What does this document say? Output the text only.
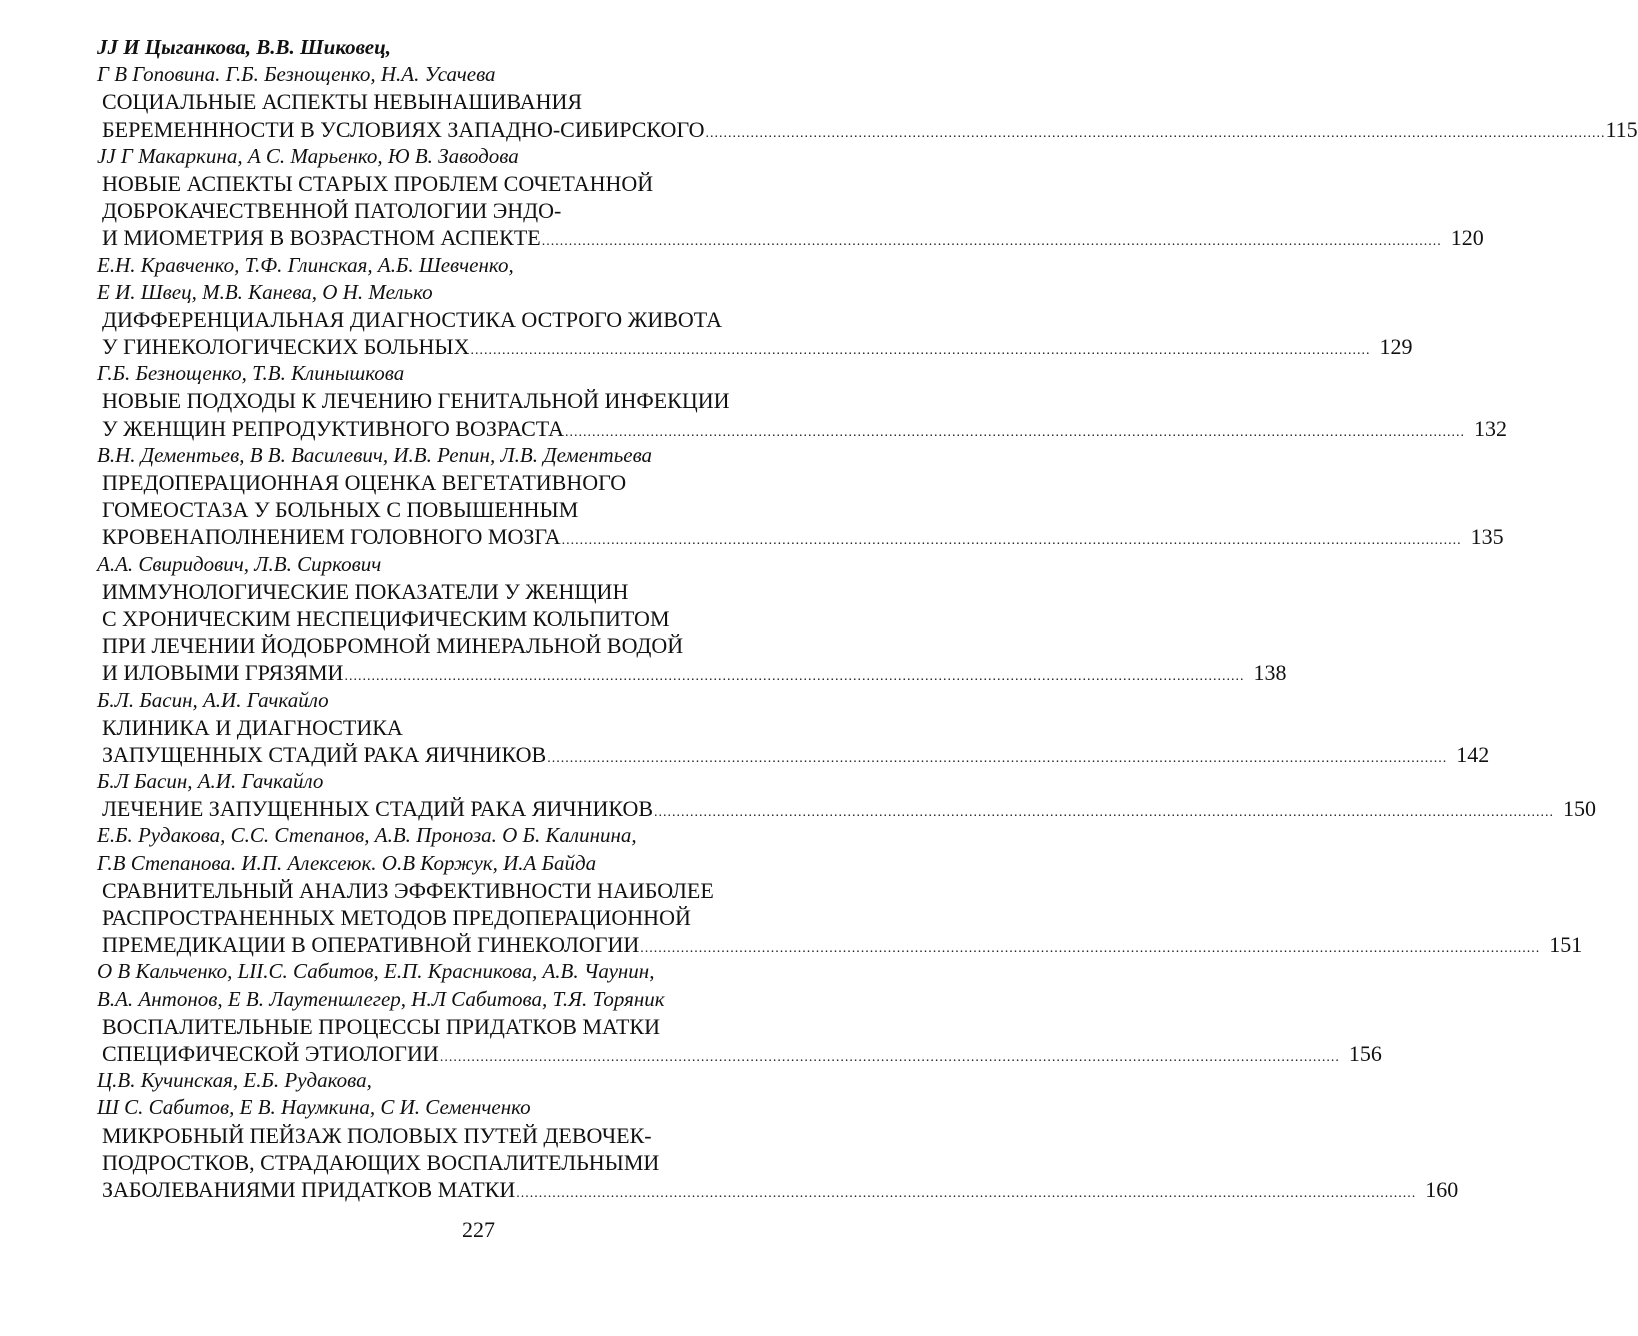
JJ И Цыганкова, В.В. Шиковец,
Г В Гоповина. Г.Б. Безнощенко, Н.А. Усачева
СОЦИАЛЬНЫЕ АСПЕКТЫ НЕВЫНАШИВАНИЯ
БЕРЕМЕНННОСТИ В УСЛОВИЯХ ЗАПАДНО-СИБИРСКОГО ........................................................................................................................................................................................................ 115
JJ Г Макаркина, А С. Марьенко, Ю В. Заводова
НОВЫЕ АСПЕКТЫ СТАРЫХ ПРОБЛЕМ СОЧЕТАННОЙ
ДОБРОКАЧЕСТВЕННОЙ ПАТОЛОГИИ ЭНДО-
И МИОМЕТРИЯ В ВОЗРАСТНОМ АСПЕКТЕ ........................................................................................................................................................................................................ 120
Е.Н. Кравченко, Т.Ф. Глинская, А.Б. Шевченко,
Е И. Швец, М.В. Канева, О Н. Мелько
ДИФФЕРЕНЦИАЛЬНАЯ ДИАГНОСТИКА ОСТРОГО ЖИВОТА
У ГИНЕКОЛОГИЧЕСКИХ БОЛЬНЫХ ........................................................................................................................................................................................................ 129
Г.Б. Безнощенко, Т.В. Клинышкова
НОВЫЕ ПОДХОДЫ К ЛЕЧЕНИЮ ГЕНИТАЛЬНОЙ ИНФЕКЦИИ
У ЖЕНЩИН РЕПРОДУКТИВНОГО ВОЗРАСТА ........................................................................................................................................................................................................ 132
В.Н. Дементьев, В В. Василевич, И.В. Репин, Л.В. Дементьева
ПРЕДОПЕРАЦИОННАЯ ОЦЕНКА ВЕГЕТАТИВНОГО
ГОМЕОСТАЗА У БОЛЬНЫХ С ПОВЫШЕННЫМ
КРОВЕНАПОЛНЕНИЕМ ГОЛОВНОГО МОЗГА ........................................................................................................................................................................................................ 135
А.А. Свиридович, Л.В. Сиркович
ИММУНОЛОГИЧЕСКИЕ ПОКАЗАТЕЛИ У ЖЕНЩИН
С ХРОНИЧЕСКИМ НЕСПЕЦИФИЧЕСКИМ КОЛЬПИТОМ
ПРИ ЛЕЧЕНИИ ЙОДОБРОМНОЙ МИНЕРАЛЬНОЙ ВОДОЙ
И ИЛОВЫМИ ГРЯЗЯМИ ........................................................................................................................................................................................................ 138
Б.Л. Басин, А.И. Гачкайло
КЛИНИКА И ДИАГНОСТИКА
ЗАПУЩЕННЫХ СТАДИЙ РАКА ЯИЧНИКОВ ........................................................................................................................................................................................................ 142
Б.Л Басин, А.И. Гачкайло
ЛЕЧЕНИЕ ЗАПУЩЕННЫХ СТАДИЙ РАКА ЯИЧНИКОВ ........................................................................................................................................................................................................ 150
Е.Б. Рудакова, С.С. Степанов, А.В. Проноза. О Б. Калинина,
Г.В Степанова. И.П. Алексеюк. О.В Коржук, И.А Байда
СРАВНИТЕЛЬНЫЙ АНАЛИЗ ЭФФЕКТИВНОСТИ НАИБОЛЕЕ
РАСПРОСТРАНЕННЫХ МЕТОДОВ ПРЕДОПЕРАЦИОННОЙ
ПРЕМЕДИКАЦИИ В ОПЕРАТИВНОЙ ГИНЕКОЛОГИИ ........................................................................................................................................................................................................ 151
О В Кальченко, LII.С. Сабитов, Е.П. Красникова, А.В. Чаунин,
В.А. Антонов, Е В. Лаутеншлегер, Н.Л Сабитова, Т.Я. Торяник
ВОСПАЛИТЕЛЬНЫЕ ПРОЦЕССЫ ПРИДАТКОВ МАТКИ
СПЕЦИФИЧЕСКОЙ ЭТИОЛОГИИ ........................................................................................................................................................................................................ 156
Ц.В. Кучинская, Е.Б. Рудакова,
Ш С. Сабитов, Е В. Наумкина, С И. Семенченко
МИКРОБНЫЙ ПЕЙЗАЖ ПОЛОВЫХ ПУТЕЙ ДЕВОЧЕК-
ПОДРОСТКОВ, СТРАДАЮЩИХ ВОСПАЛИТЕЛЬНЫМИ
ЗАБОЛЕВАНИЯМИ ПРИДАТКОВ МАТКИ ........................................................................................................................................................................................................ 160
227
